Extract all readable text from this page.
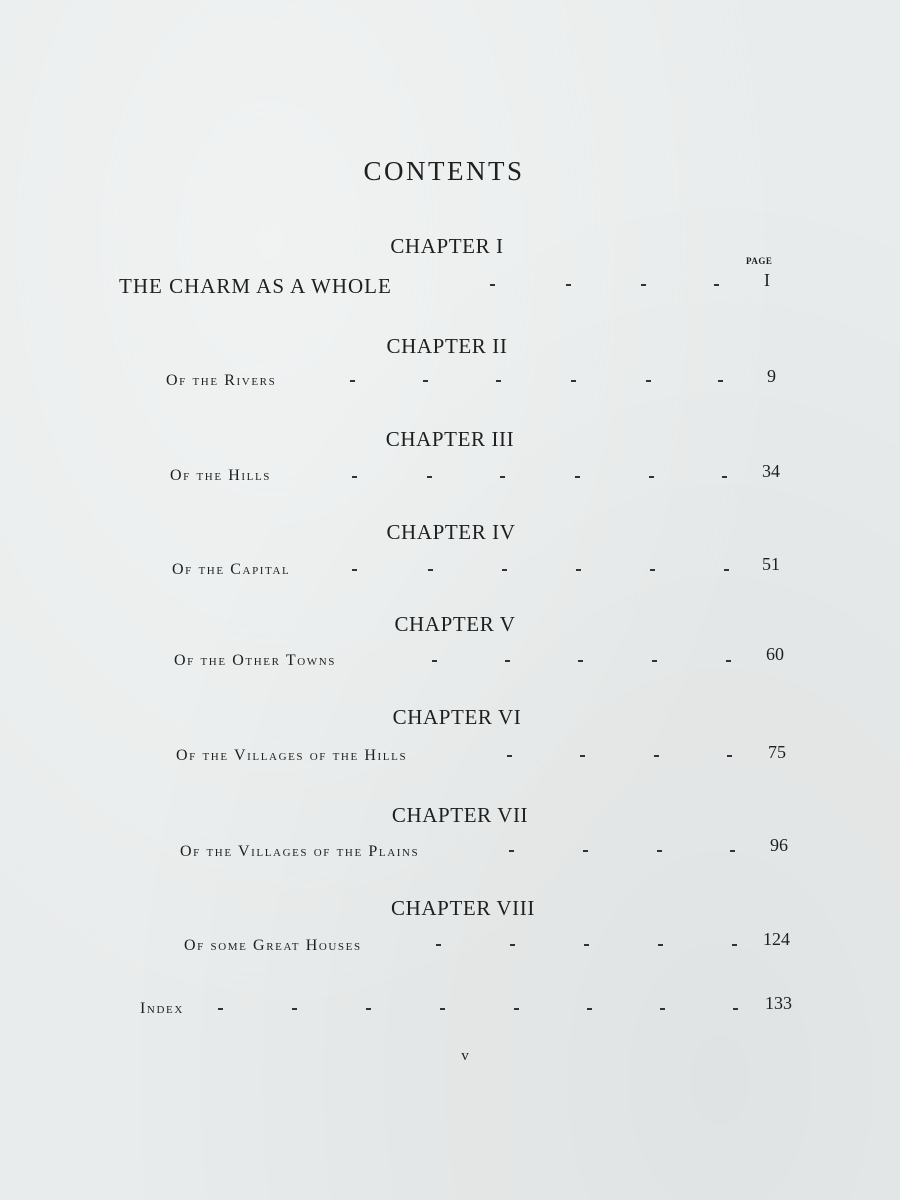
CONTENTS
PAGE
CHAPTER I
THE CHARM AS A WHOLE	I
CHAPTER II
Of the Rivers	9
CHAPTER III
Of the Hills	34
CHAPTER IV
Of the Capital	51
CHAPTER V
Of the Other Towns	60
CHAPTER VI
Of the Villages of the Hills	75
CHAPTER VII
Of the Villages of the Plains	96
CHAPTER VIII
Of some Great Houses	124
Index	133
v
